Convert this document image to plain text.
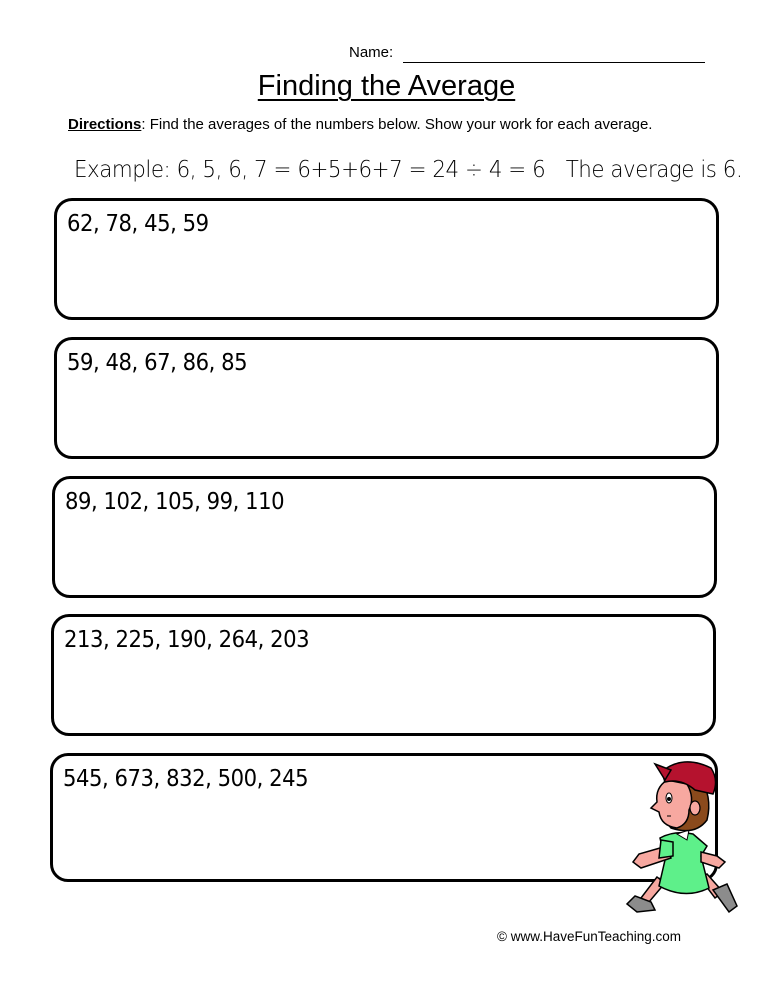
Name:
Finding the Average
Directions: Find the averages of the numbers below. Show your work for each average.
Example: 6, 5, 6, 7 = 6+5+6+7 = 24 ÷ 4 = 6 The average is 6.
62, 78, 45, 59
59, 48, 67, 86, 85
89, 102, 105, 99, 110
213, 225, 190, 264, 203
545, 673, 832, 500, 245
© www.HaveFunTeaching.com
